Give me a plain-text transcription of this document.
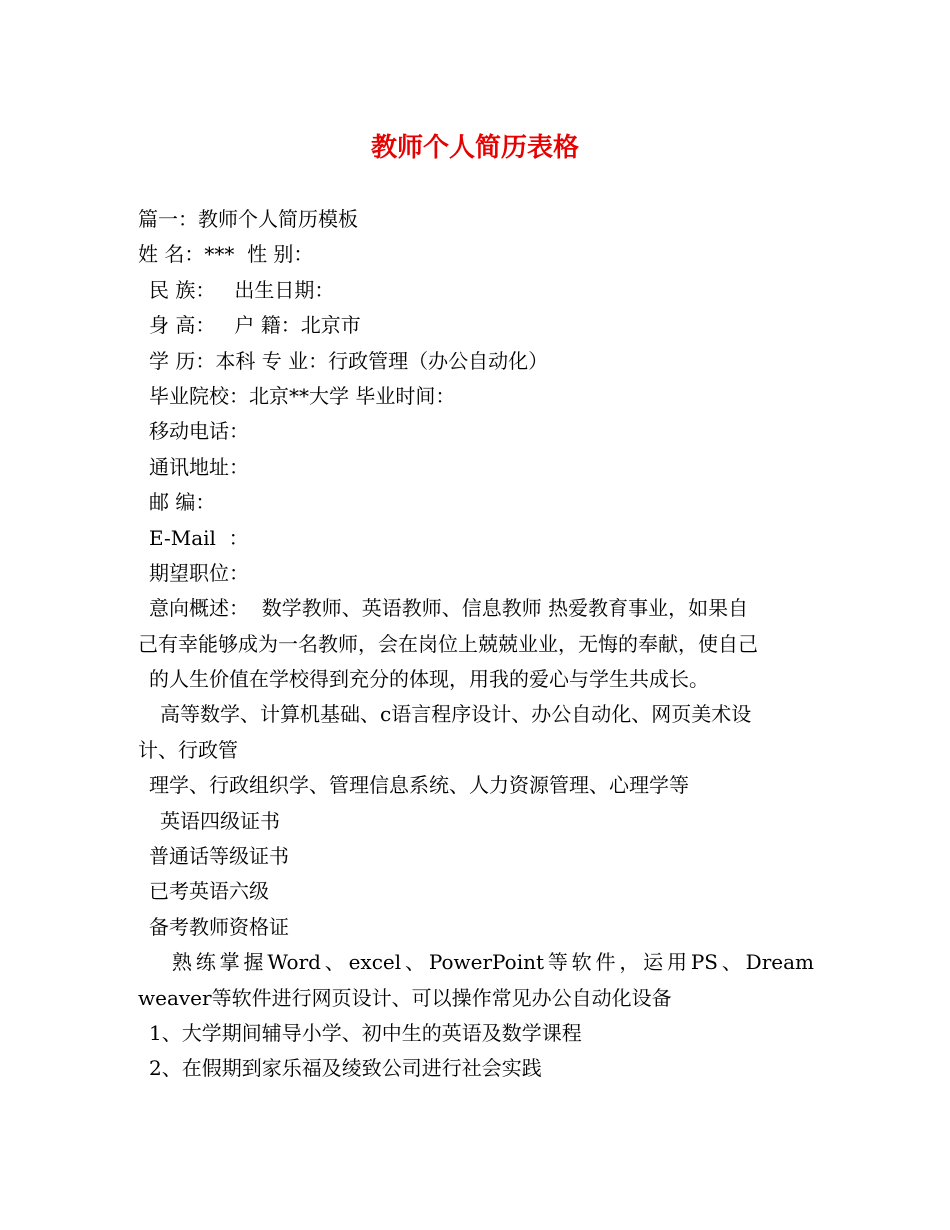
教师个人简历表格

篇一：教师个人简历模板

姓 名：***  性 别：

民 族：   出生日期：

身 高：   户 籍：北京市

学 历：本科 专 业：行政管理（办公自动化）

毕业院校：北京**大学 毕业时间：

移动电话：

通讯地址：

邮 编：

E-Mail  ：

期望职位：

意向概述：  数学教师、英语教师、信息教师 热爱教育事业，如果自

己有幸能够成为一名教师，会在岗位上兢兢业业，无悔的奉献，使自己

的人生价值在学校得到充分的体现，用我的爱心与学生共成长。

高等数学、计算机基础、c语言程序设计、办公自动化、网页美术设

计、行政管

理学、行政组织学、管理信息系统、人力资源管理、心理学等

英语四级证书

普通话等级证书

已考英语六级

备考教师资格证

熟练掌握Word、excel、PowerPoint等软件，运用PS、Dream

weaver等软件进行网页设计、可以操作常见办公自动化设备

1、大学期间辅导小学、初中生的英语及数学课程

2、在假期到家乐福及绫致公司进行社会实践
